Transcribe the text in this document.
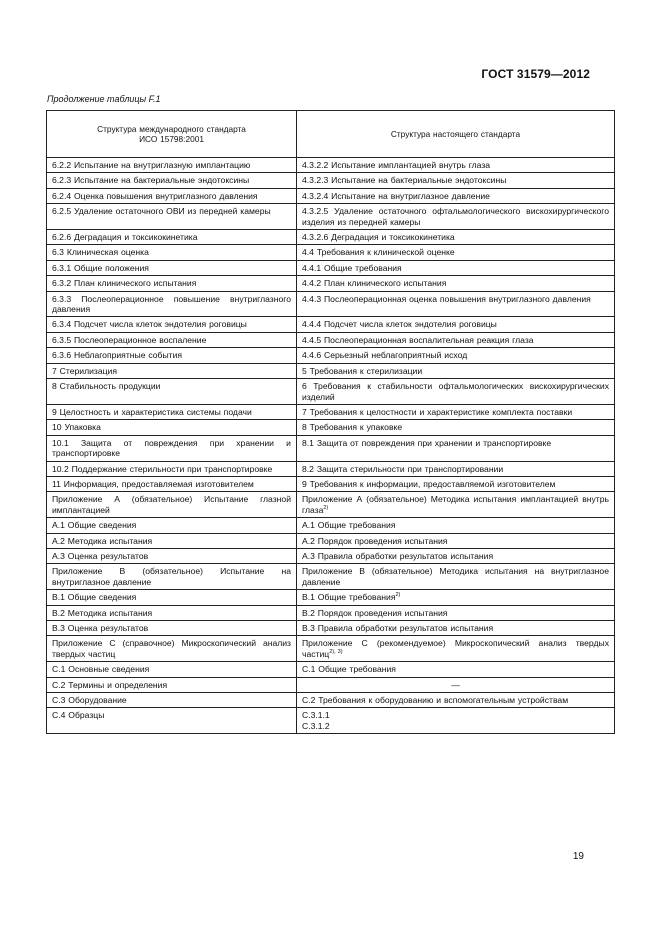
ГОСТ 31579—2012
Продолжение таблицы F.1
Структура международного стандарта
ИСО 15798:2001	Структура настоящего стандарта
6.2.2 Испытание на внутриглазную имплантацию	4.3.2.2 Испытание имплантацией внутрь глаза
6.2.3 Испытание на бактериальные эндотоксины	4.3.2.3 Испытание на бактериальные эндотоксины
6.2.4 Оценка повышения внутриглазного давления	4.3.2.4 Испытание на внутриглазное давление
6.2.5 Удаление остаточного ОВИ из передней камеры	4.3.2.5 Удаление остаточного офтальмологического вискохирургического изделия из передней камеры
6.2.6 Деградация и токсикокинетика	4.3.2.6 Деградация и токсикокинетика
6.3 Клиническая оценка	4.4 Требования к клинической оценке
6.3.1 Общие положения	4.4.1 Общие требования
6.3.2 План клинического испытания	4.4.2 План клинического испытания
6.3.3 Послеоперационное повышение внутриглазного давления	4.4.3 Послеоперационная оценка повышения внутриглазного давления
6.3.4 Подсчет числа клеток эндотелия роговицы	4.4.4 Подсчет числа клеток эндотелия роговицы
6.3.5 Послеоперационное воспаление	4.4.5 Послеоперационная воспалительная реакция глаза
6.3.6 Неблагоприятные события	4.4.6 Серьезный неблагоприятный исход
7 Стерилизация	5 Требования к стерилизации
8 Стабильность продукции	6 Требования к стабильности офтальмологических вискохирургических изделий
9 Целостность и характеристика системы подачи	7 Требования к целостности и характеристике комплекта поставки
10 Упаковка	8 Требования к упаковке
10.1 Защита от повреждения при хранении и транспортировке	8.1 Защита от повреждения при хранении и транспортировке
10.2 Поддержание стерильности при транспортировке	8.2 Защита стерильности при транспортировании
11 Информация, предоставляемая изготовителем	9 Требования к информации, предоставляемой изготовителем
Приложение А (обязательное) Испытание глазной имплантацией	Приложение А (обязательное) Методика испытания имплантацией внутрь глаза$^{2)}$
А.1 Общие сведения	А.1 Общие требования
А.2 Методика испытания	А.2 Порядок проведения испытания
А.3 Оценка результатов	А.3 Правила обработки результатов испытания
Приложение В (обязательное) Испытание на внутриглазное давление	Приложение В (обязательное) Методика испытания на внутриглазное давление
В.1 Общие сведения	В.1 Общие требования$^{2)}$
В.2 Методика испытания	В.2 Порядок проведения испытания
В.3 Оценка результатов	В.3 Правила обработки результатов испытания
Приложение С (справочное) Микроскопический анализ твердых частиц	Приложение С (рекомендуемое) Микроскопический анализ твердых частиц$^{2), 3)}$
С.1 Основные сведения	С.1 Общие требования
С.2 Термины и определения	—
С.3 Оборудование	С.2 Требования к оборудованию и вспомогательным устройствам
С.4 Образцы	С.3.1.1
С.3.1.2
19
